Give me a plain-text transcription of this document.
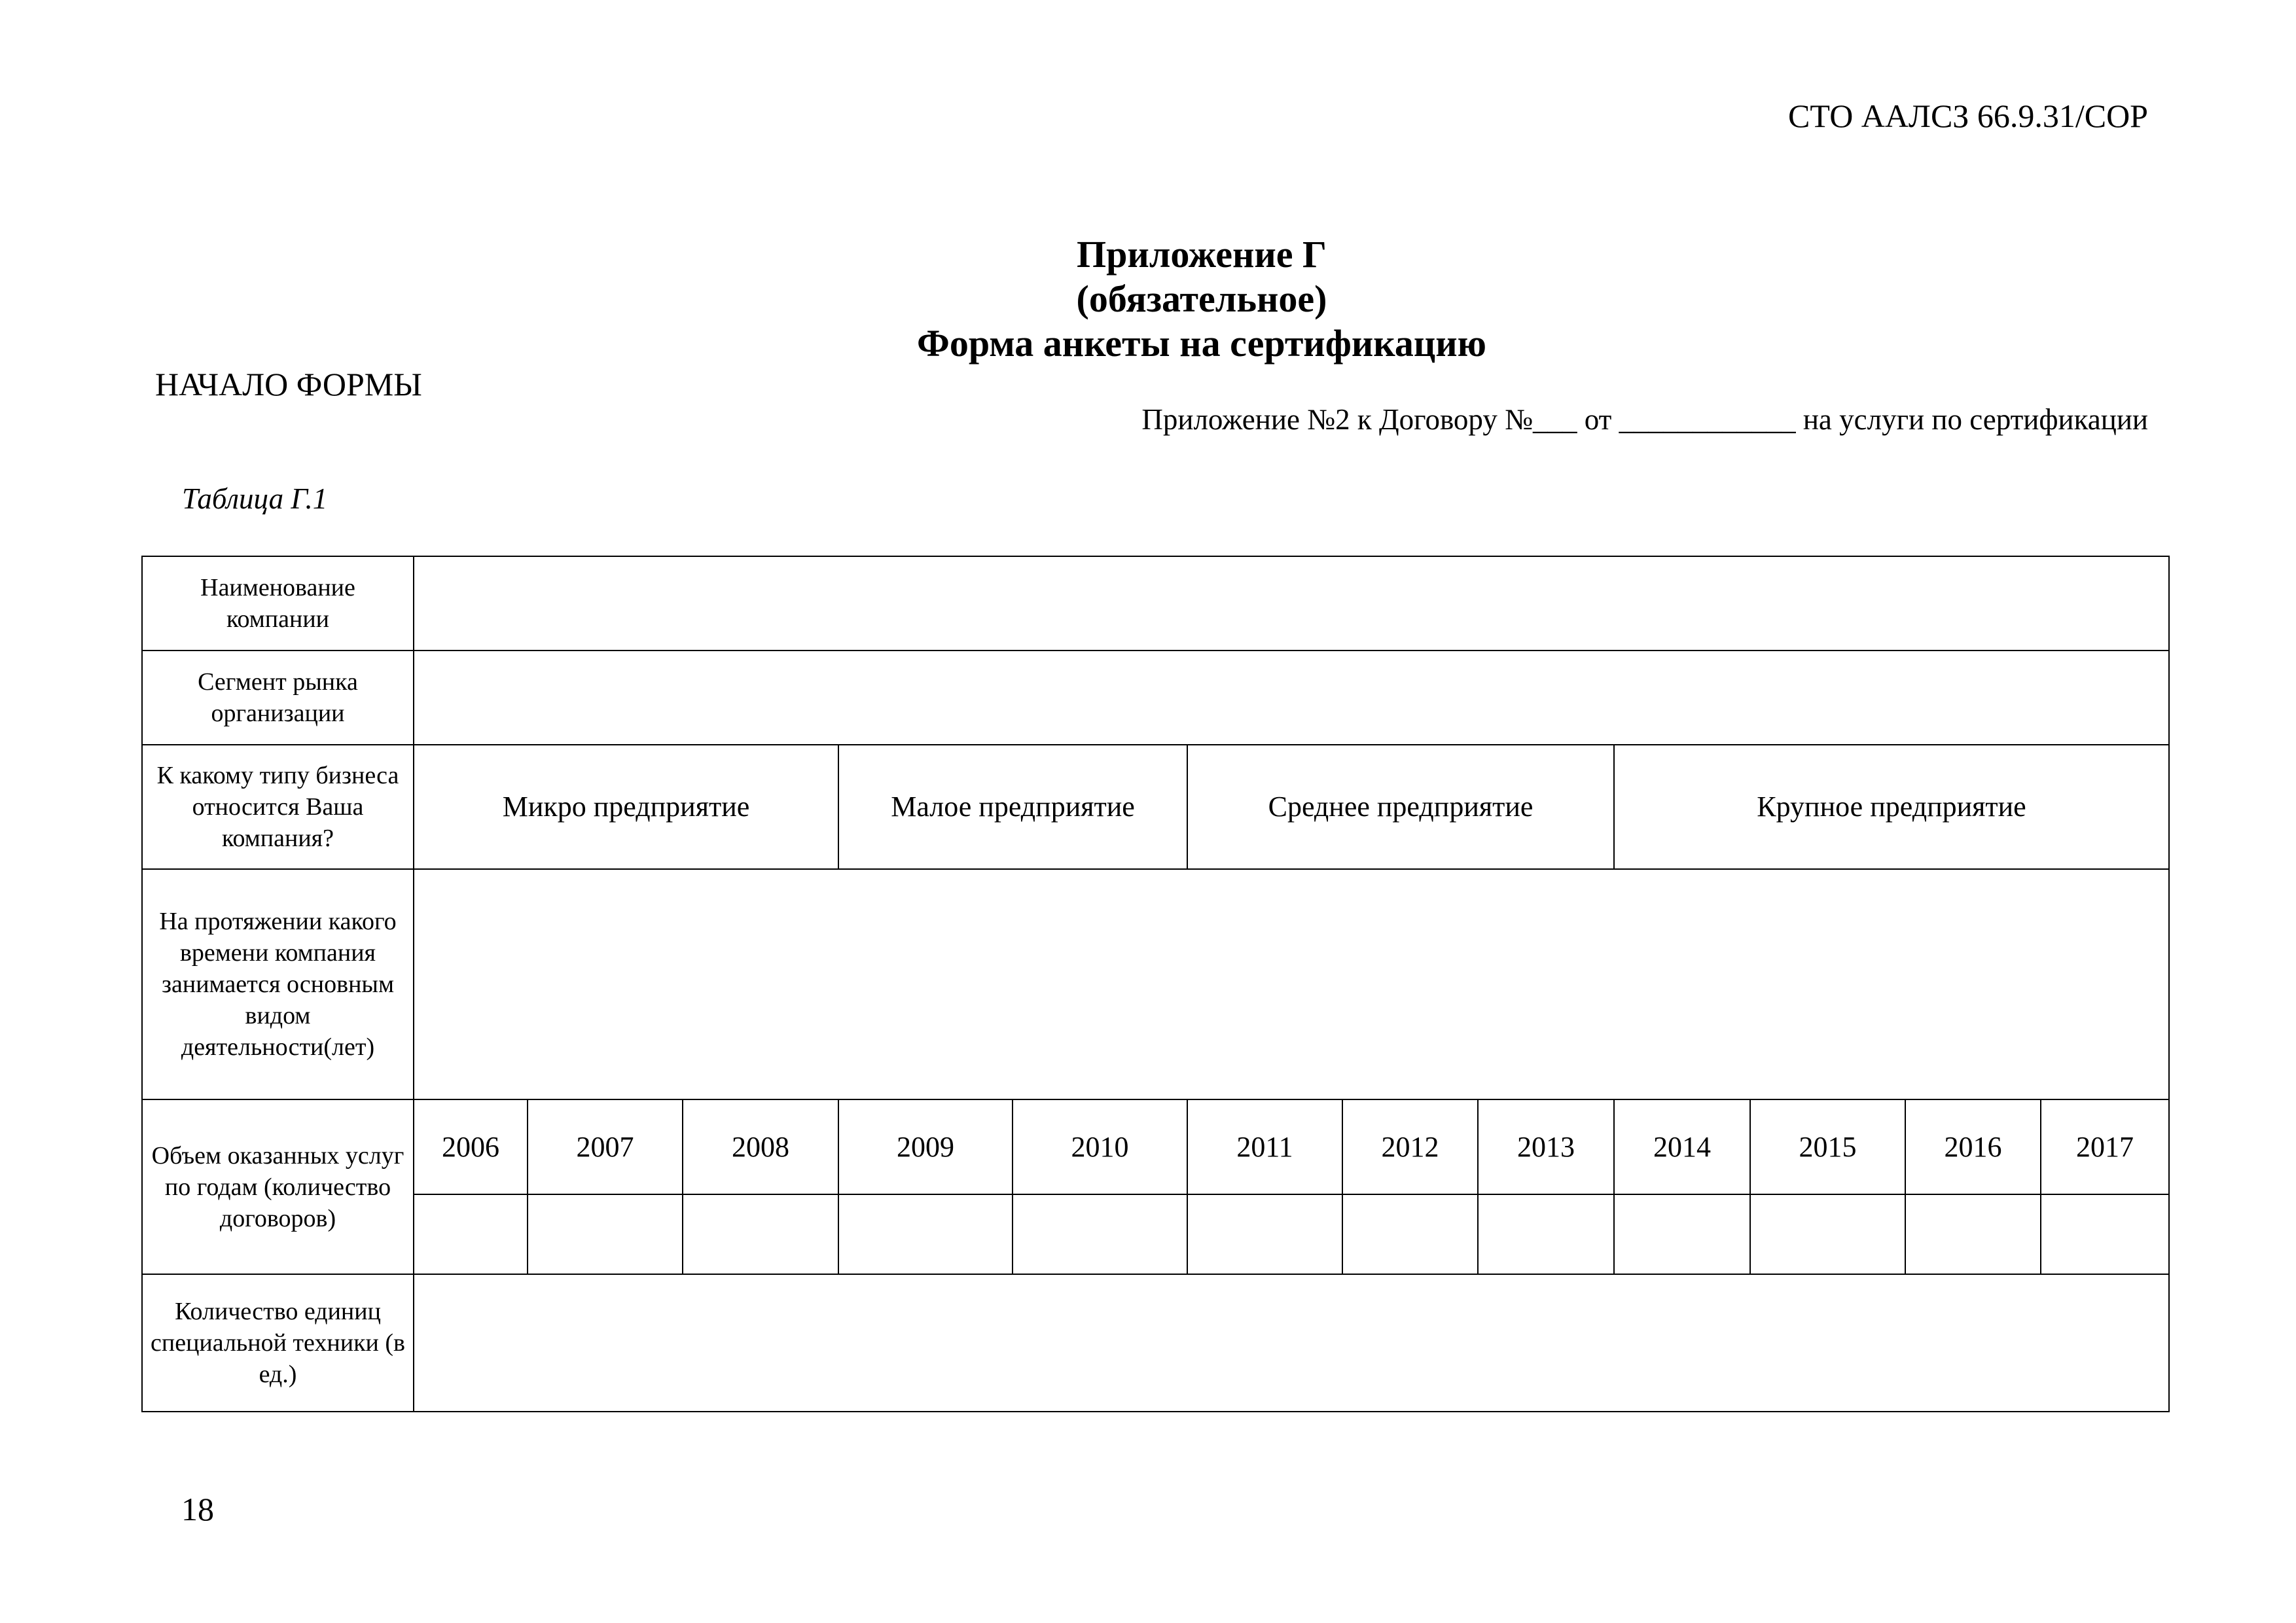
СТО ААЛСЗ 66.9.31/СОР
Приложение Г
(обязательное)
Форма анкеты на сертификацию
НАЧАЛО ФОРМЫ
Приложение №2 к Договору №___ от ____________ на услуги по сертификации
Таблица Г.1
Наименование компании												
Сегмент рынка организации												
К какому типу бизнеса относится Ваша компания?	Микро предприятие			Малое предприятие		Среднее предприятие			Крупное предприятие			
На протяжении какого времени компания занимается основным видом деятельности(лет)												
Объем оказанных услуг по годам (количество договоров)	2006	2007	2008	2009	2010	2011	2012	2013	2014	2015	2016	2017

Количество единиц специальной техники (в ед.)												
18
